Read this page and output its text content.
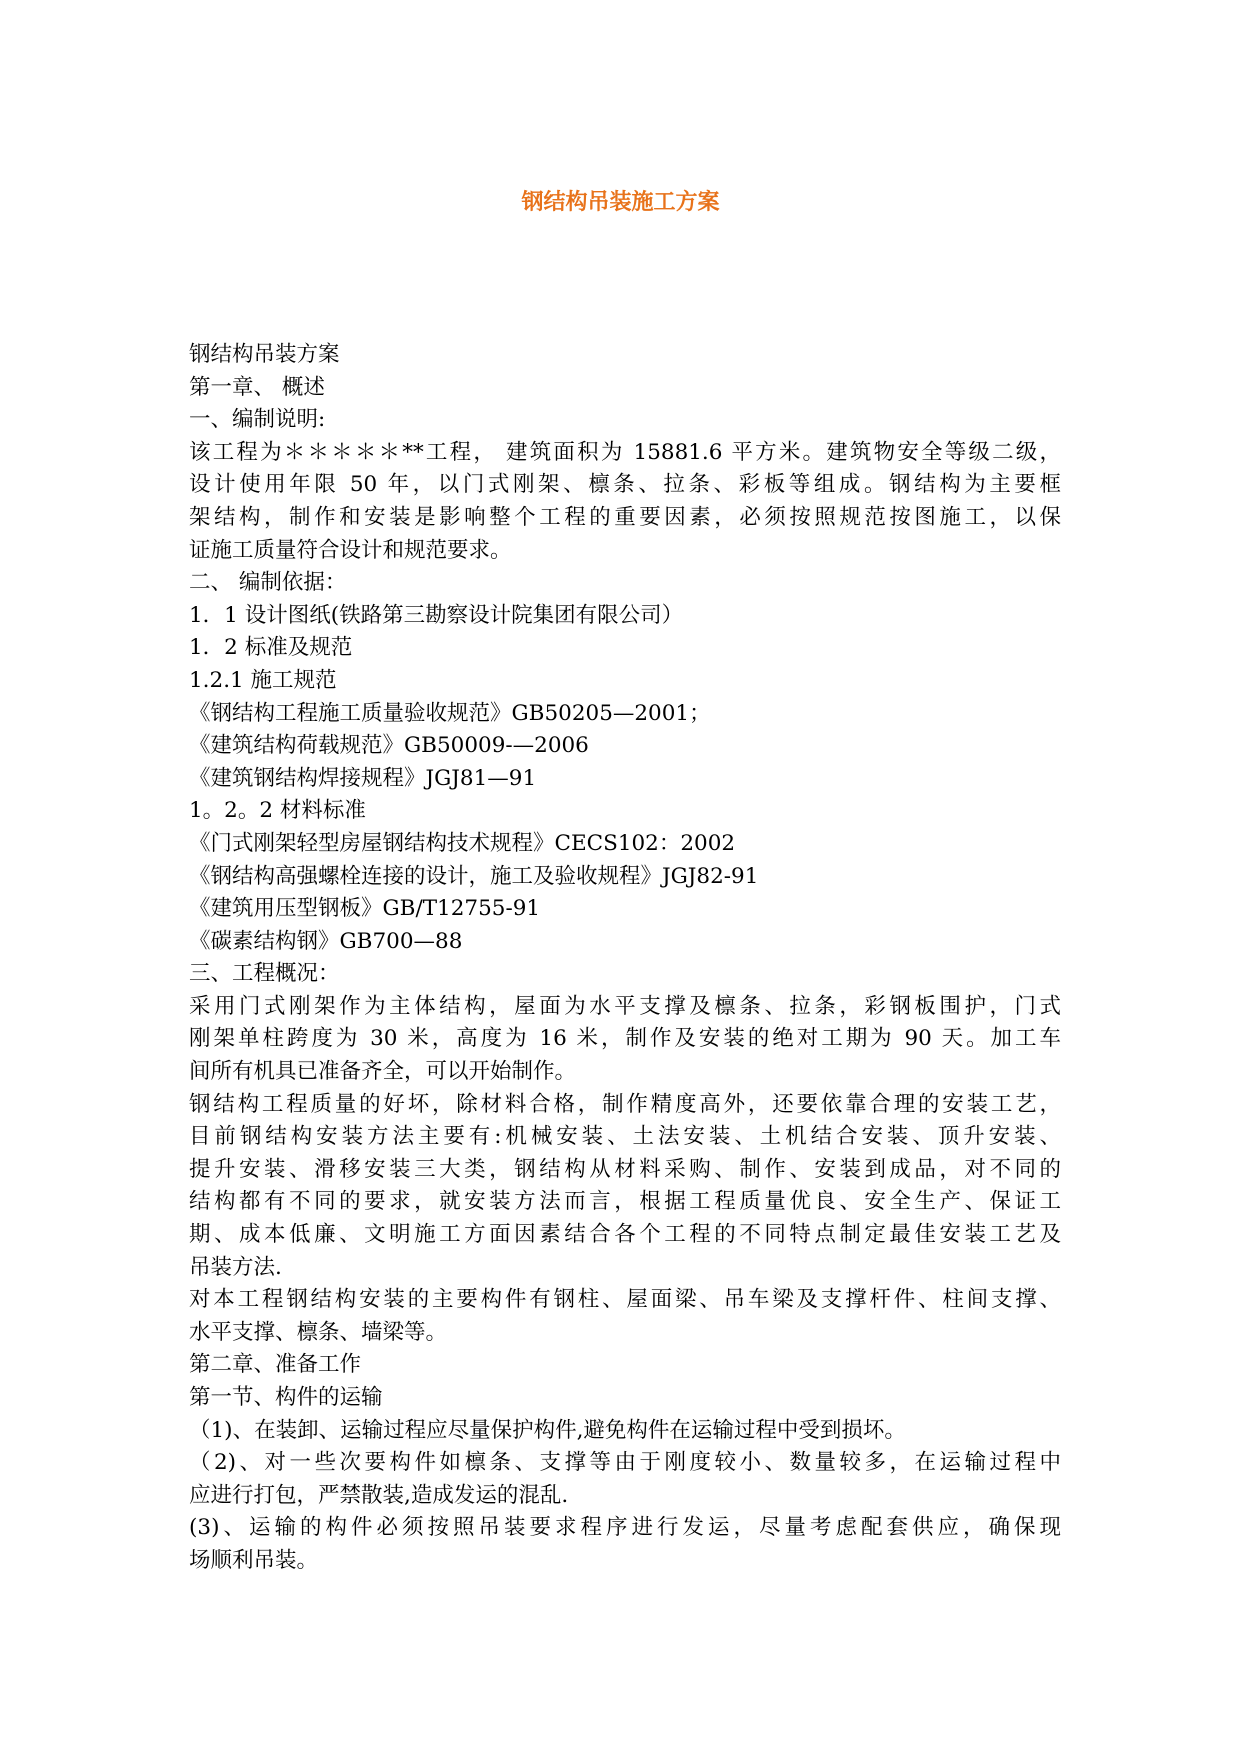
钢结构吊装施工方案
钢结构吊装方案
第一章、 概述
一、编制说明:
该工程为＊＊＊＊＊**工程， 建筑面积为 15881.6 平方米。建筑物安全等级二级，
设计使用年限 50 年，以门式刚架、檩条、拉条、彩板等组成。钢结构为主要框
架结构，制作和安装是影响整个工程的重要因素，必须按照规范按图施工，以保
证施工质量符合设计和规范要求。
二、 编制依据：
1．1 设计图纸(铁路第三勘察设计院集团有限公司）
1．2 标准及规范
1.2.1 施工规范
《钢结构工程施工质量验收规范》GB50205—2001；
《建筑结构荷载规范》GB50009-—2006
《建筑钢结构焊接规程》JGJ81—91
1。2。2 材料标准
《门式刚架轻型房屋钢结构技术规程》CECS102：2002
《钢结构高强螺栓连接的设计，施工及验收规程》JGJ82-91
《建筑用压型钢板》GB/T12755-91
《碳素结构钢》GB700—88
三、工程概况：
采用门式刚架作为主体结构，屋面为水平支撑及檩条、拉条，彩钢板围护，门式
刚架单柱跨度为 30 米，高度为 16 米，制作及安装的绝对工期为 90 天。加工车
间所有机具已准备齐全，可以开始制作。
钢结构工程质量的好坏，除材料合格，制作精度高外，还要依靠合理的安装工艺，
目前钢结构安装方法主要有:机械安装、土法安装、土机结合安装、顶升安装、
提升安装、滑移安装三大类，钢结构从材料采购、制作、安装到成品，对不同的
结构都有不同的要求，就安装方法而言，根据工程质量优良、安全生产、保证工
期、成本低廉、文明施工方面因素结合各个工程的不同特点制定最佳安装工艺及
吊装方法.
对本工程钢结构安装的主要构件有钢柱、屋面梁、吊车梁及支撑杆件、柱间支撑、
水平支撑、檩条、墙梁等。
第二章、准备工作
第一节、构件的运输
（1)、在装卸、运输过程应尽量保护构件,避免构件在运输过程中受到损坏。
（2)、对一些次要构件如檩条、支撑等由于刚度较小、数量较多，在运输过程中
应进行打包，严禁散装,造成发运的混乱.
(3)、运输的构件必须按照吊装要求程序进行发运，尽量考虑配套供应，确保现
场顺利吊装。
